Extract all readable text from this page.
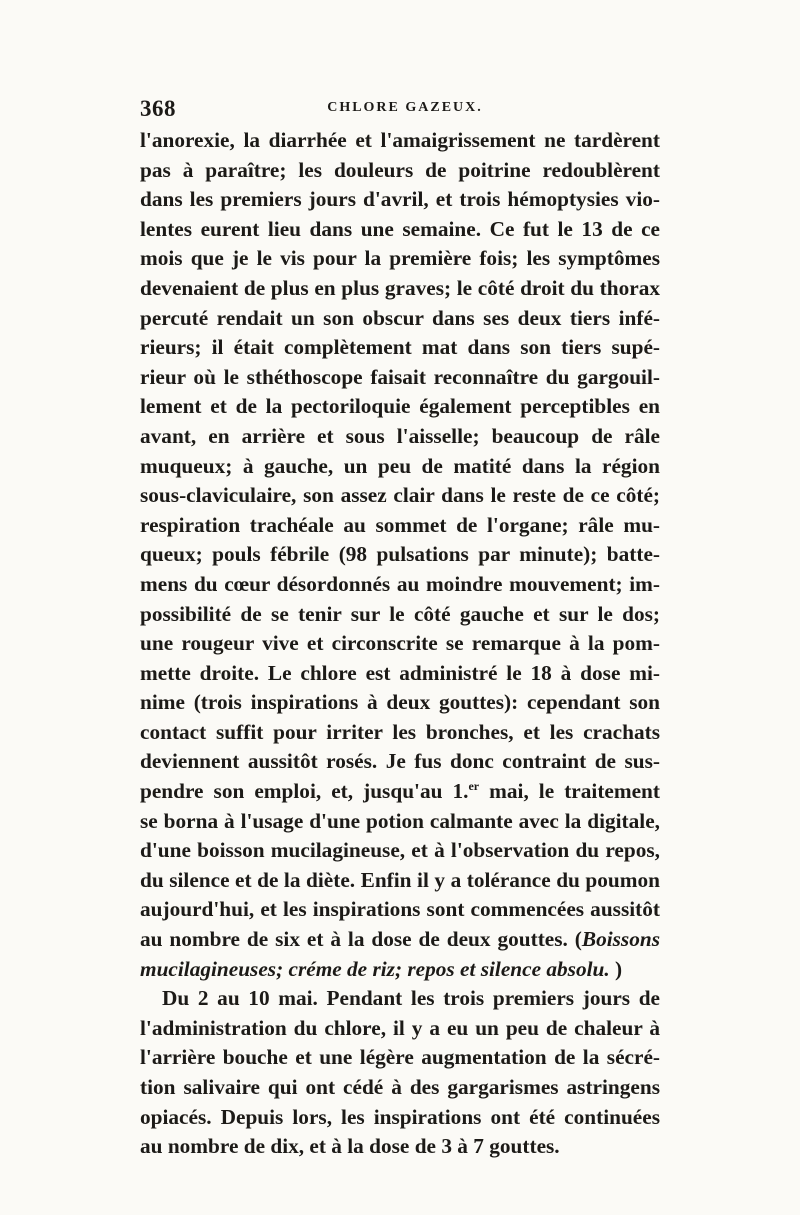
368	CHLORE GAZEUX.
l'anorexie, la diarrhée et l'amaigrissement ne tardèrent
pas à paraître; les douleurs de poitrine redoublèrent
dans les premiers jours d'avril, et trois hémoptysies vio-
lentes eurent lieu dans une semaine. Ce fut le 13 de ce
mois que je le vis pour la première fois; les symptômes
devenaient de plus en plus graves; le côté droit du thorax
percuté rendait un son obscur dans ses deux tiers infé-
rieurs; il était complètement mat dans son tiers supé-
rieur où le sthéthoscope faisait reconnaître du gargouil-
lement et de la pectoriloquie également perceptibles en
avant, en arrière et sous l'aisselle; beaucoup de râle
muqueux; à gauche, un peu de matité dans la région
sous-claviculaire, son assez clair dans le reste de ce côté;
respiration trachéale au sommet de l'organe; râle mu-
queux; pouls fébrile (98 pulsations par minute); batte-
mens du cœur désordonnés au moindre mouvement; im-
possibilité de se tenir sur le côté gauche et sur le dos;
une rougeur vive et circonscrite se remarque à la pom-
mette droite. Le chlore est administré le 18 à dose mi-
nime (trois inspirations à deux gouttes): cependant son
contact suffit pour irriter les bronches, et les crachats
deviennent aussitôt rosés. Je fus donc contraint de sus-
pendre son emploi, et, jusqu'au 1.$^{er}$ mai, le traitement
se borna à l'usage d'une potion calmante avec la digitale,
d'une boisson mucilagineuse, et à l'observation du repos,
du silence et de la diète. Enfin il y a tolérance du poumon
aujourd'hui, et les inspirations sont commencées aussitôt
au nombre de six et à la dose de deux gouttes. (Boissons
mucilagineuses; créme de riz; repos et silence absolu. )
Du 2 au 10 mai. Pendant les trois premiers jours de
l'administration du chlore, il y a eu un peu de chaleur à
l'arrière bouche et une légère augmentation de la sécré-
tion salivaire qui ont cédé à des gargarismes astringens
opiacés. Depuis lors, les inspirations ont été continuées
au nombre de dix, et à la dose de 3 à 7 gouttes.
